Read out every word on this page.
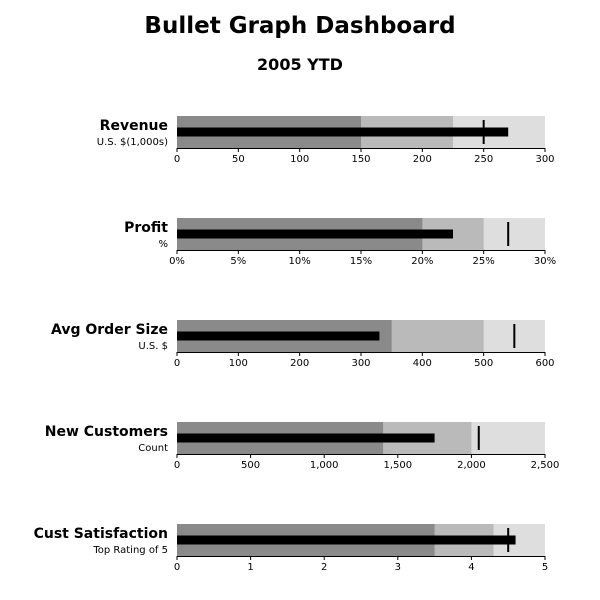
Bullet Graph Dashboard
2005 YTD
0	50	100	150	200	250	300
Revenue
U.S. $(1,000s)
0%	5%	10%	15%	20%	25%	30%
Profit
%
0	100	200	300	400	500	600
Avg Order Size
U.S. $
0	500	1,000	1,500	2,000	2,500
New Customers
Count
0	1	2	3	4	5
Cust Satisfaction
Top Rating of 5
